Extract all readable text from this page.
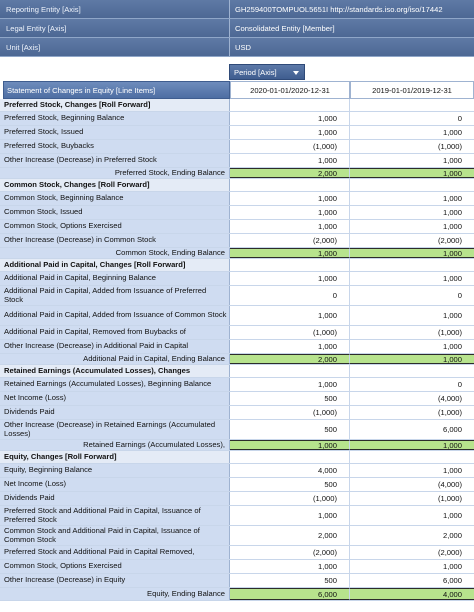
Reporting Entity [Axis]	GH259400TOMPUOL5651I http://standards.iso.org/iso/17442
Legal Entity [Axis]	Consolidated Entity [Member]
Unit [Axis]	USD
Period [Axis]
Statement of Changes in Equity [Line Items]	2020-01-01/2020-12-31	2019-01-01/2019-12-31
Preferred Stock, Changes [Roll Forward]
Preferred Stock, Beginning Balance	1,000	0
Preferred Stock, Issued	1,000	1,000
Preferred Stock, Buybacks	(1,000)	(1,000)
Other Increase (Decrease) in Preferred Stock	1,000	1,000
Preferred Stock, Ending Balance	2,000	1,000
Common Stock, Changes [Roll Forward]
Common Stock, Beginning Balance	1,000	1,000
Common Stock, Issued	1,000	1,000
Common Stock, Options Exercised	1,000	1,000
Other Increase (Decrease) in Common Stock	(2,000)	(2,000)
Common Stock, Ending Balance	1,000	1,000
Additional Paid in Capital, Changes [Roll Forward]
Additional Paid in Capital, Beginning Balance	1,000	1,000
Additional Paid in Capital, Added from Issuance of Preferred Stock	0	0
Additional Paid in Capital, Added from Issuance of Common Stock	1,000	1,000
Additional Paid in Capital, Removed from Buybacks of	(1,000)	(1,000)
Other Increase (Decrease) in Additional Paid in Capital	1,000	1,000
Additional Paid in Capital, Ending Balance	2,000	1,000
Retained Earnings (Accumulated Losses), Changes
Retained Earnings (Accumulated Losses), Beginning Balance	1,000	0
Net Income (Loss)	500	(4,000)
Dividends Paid	(1,000)	(1,000)
Other Increase (Decrease) in Retained Earnings (Accumulated Losses)	500	6,000
Retained Earnings (Accumulated Losses),	1,000	1,000
Equity, Changes [Roll Forward]
Equity, Beginning Balance	4,000	1,000
Net Income (Loss)	500	(4,000)
Dividends Paid	(1,000)	(1,000)
Preferred Stock and Additional Paid in Capital, Issuance of Preferred Stock	1,000	1,000
Common Stock and Additional Paid in Capital, Issuance of Common Stock	2,000	2,000
Preferred Stock and Additional Paid in Capital Removed,	(2,000)	(2,000)
Common Stock, Options Exercised	1,000	1,000
Other Increase (Decrease) in Equity	500	6,000
Equity, Ending Balance	6,000	4,000
